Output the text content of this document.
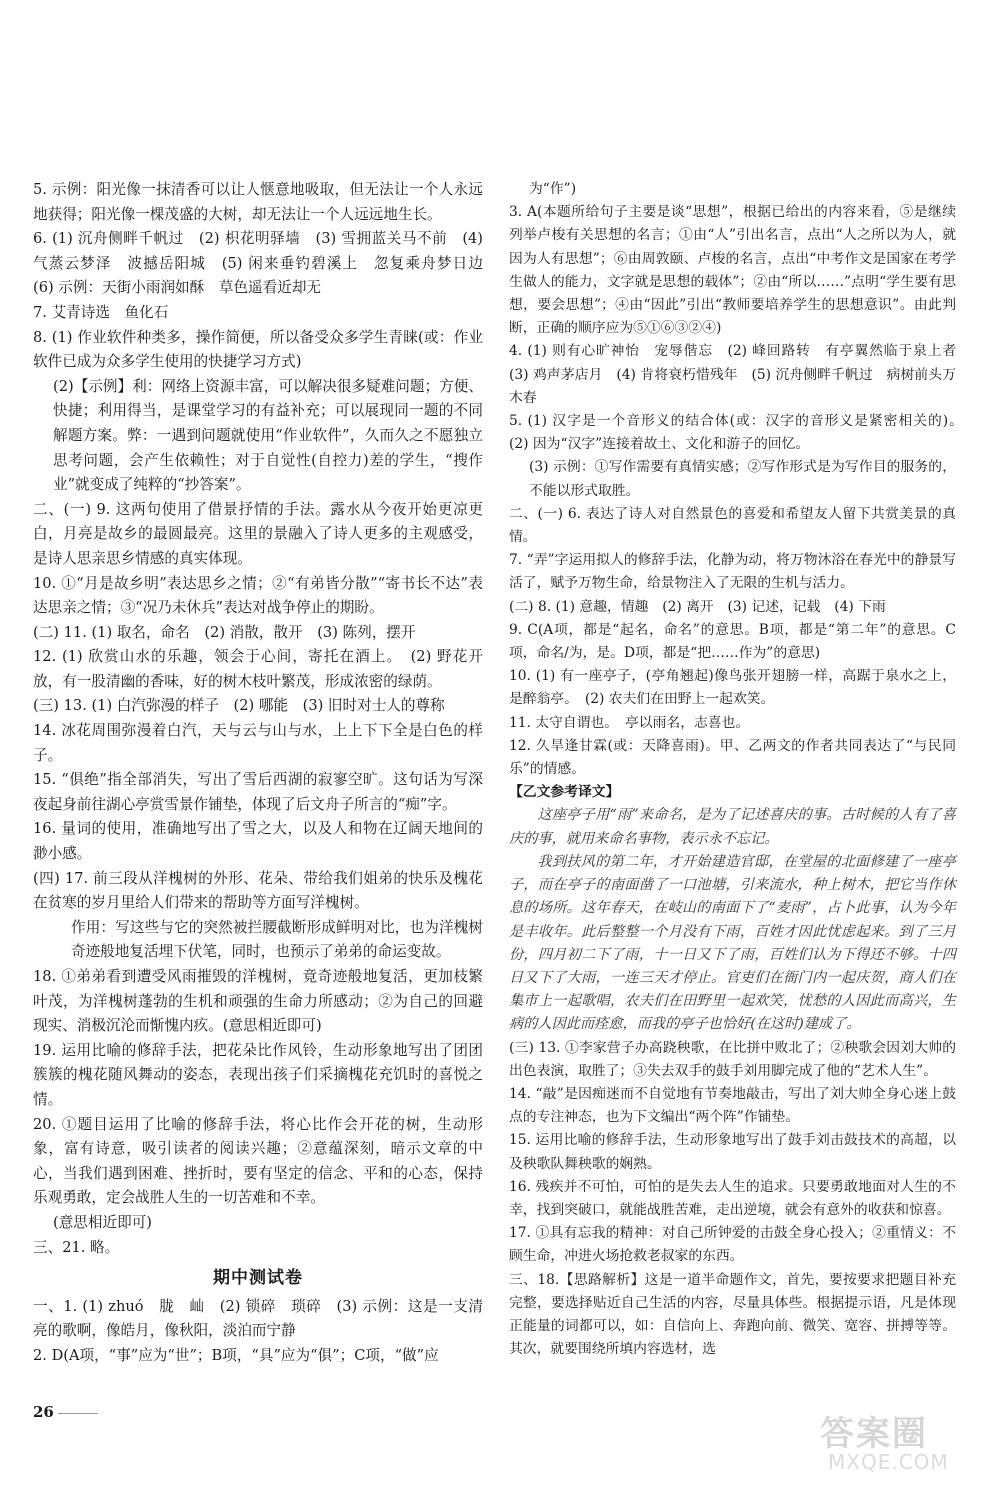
5. 示例：阳光像一抹清香可以让人惬意地吸取，但无法让一个人永远地获得；阳光像一棵茂盛的大树，却无法让一个人远远地生长。

6. (1) 沉舟侧畔千帆过　(2) 枳花明驿墙　(3) 雪拥蓝关马不前　(4) 气蒸云梦泽　波撼岳阳城　(5) 闲来垂钓碧溪上　忽复乘舟梦日边　(6) 示例：天街小雨润如酥　草色遥看近却无

7. 艾青诗选　鱼化石

8. (1) 作业软件种类多，操作简便，所以备受众多学生青睐(或：作业软件已成为众多学生使用的快捷学习方式)

(2)【示例】利：网络上资源丰富，可以解决很多疑难问题；方便、快捷；利用得当，是课堂学习的有益补充；可以展现同一题的不同解题方案。弊：一遇到问题就使用“作业软件”，久而久之不愿独立思考问题，会产生依赖性；对于自觉性(自控力)差的学生，“搜作业”就变成了纯粹的“抄答案”。

二、(一) 9. 这两句使用了借景抒情的手法。露水从今夜开始更凉更白，月亮是故乡的最圆最亮。这里的景融入了诗人更多的主观感受，是诗人思亲思乡情感的真实体现。

10. ①“月是故乡明”表达思乡之情；②“有弟皆分散”“寄书长不达”表达思亲之情；③“况乃未休兵”表达对战争停止的期盼。

(二) 11. (1) 取名，命名　(2) 消散，散开　(3) 陈列，摆开

12. (1) 欣赏山水的乐趣，领会于心间，寄托在酒上。　(2) 野花开放，有一股清幽的香味，好的树木枝叶繁茂，形成浓密的绿荫。

(三) 13. (1) 白汽弥漫的样子　(2) 哪能　(3) 旧时对士人的尊称

14. 冰花周围弥漫着白汽，天与云与山与水，上上下下全是白色的样子。

15. “俱绝”指全部消失，写出了雪后西湖的寂寥空旷。这句话为写深夜起身前往湖心亭赏雪景作铺垫，体现了后文舟子所言的“痴”字。

16. 量词的使用，准确地写出了雪之大，以及人和物在辽阔天地间的渺小感。

(四) 17. 前三段从洋槐树的外形、花朵、带给我们姐弟的快乐及槐花在贫寒的岁月里给人们带来的帮助等方面写洋槐树。

作用：写这些与它的突然被拦腰截断形成鲜明对比，也为洋槐树奇迹般地复活埋下伏笔，同时，也预示了弟弟的命运变故。

18. ①弟弟看到遭受风雨摧毁的洋槐树，竟奇迹般地复活，更加枝繁叶茂，为洋槐树蓬勃的生机和顽强的生命力所感动；②为自己的回避现实、消极沉沦而惭愧内疚。(意思相近即可)

19. 运用比喻的修辞手法，把花朵比作风铃，生动形象地写出了团团簇簇的槐花随风舞动的姿态，表现出孩子们采摘槐花充饥时的喜悦之情。

20. ①题目运用了比喻的修辞手法，将心比作会开花的树，生动形象，富有诗意，吸引读者的阅读兴趣；②意蕴深刻，暗示文章的中心，当我们遇到困难、挫折时，要有坚定的信念、平和的心态，保持乐观勇敢，定会战胜人生的一切苦难和不幸。

(意思相近即可)

三、21. 略。

期中测试卷

一、1. (1) zhuó　胧　屾　(2) 锁碎　琐碎　(3) 示例：这是一支清亮的歌啊，像皓月，像秋阳，淡泊而宁静

2. D(A项，“事”应为“世”；B项，“具”应为“俱”；C项，“做”应

为“作”)

3. A(本题所给句子主要是谈“思想”，根据已给出的内容来看，⑤是继续列举卢梭有关思想的名言；①由“人”引出名言，点出“人之所以为人，就因为人有思想”；⑥由周敦颐、卢梭的名言，点出“中考作文是国家在考学生做人的能力，文字就是思想的载体”；②由“所以……”点明“学生要有思想，要会思想”；④由“因此”引出“教师要培养学生的思想意识”。由此判断，正确的顺序应为⑤①⑥③②④)

4. (1) 则有心旷神怡　宠辱偕忘　(2) 峰回路转　有亭翼然临于泉上者　(3) 鸡声茅店月　(4) 肯将衰朽惜残年　(5) 沉舟侧畔千帆过　病树前头万木春

5. (1) 汉字是一个音形义的结合体(或：汉字的音形义是紧密相关的)。　(2) 因为“汉字”连接着故土、文化和游子的回忆。

(3) 示例：①写作需要有真情实感；②写作形式是为写作目的服务的，不能以形式取胜。

二、(一) 6. 表达了诗人对自然景色的喜爱和希望友人留下共赏美景的真情。

7. “弄”字运用拟人的修辞手法，化静为动，将万物沐浴在春光中的静景写活了，赋予万物生命，给景物注入了无限的生机与活力。

(二) 8. (1) 意趣，情趣　(2) 离开　(3) 记述，记载　(4) 下雨

9. C(A项，都是“起名，命名”的意思。B项，都是“第二年”的意思。C项，命名/为，是。D项，都是“把……作为”的意思)

10. (1) 有一座亭子，(亭角翘起)像鸟张开翅膀一样，高踞于泉水之上，是醉翁亭。　(2) 农夫们在田野上一起欢笑。

11. 太守自谓也。　亭以雨名，志喜也。

12. 久旱逢甘霖(或：天降喜雨)。甲、乙两文的作者共同表达了“与民同乐”的情感。

【乙文参考译文】

这座亭子用“雨”来命名，是为了记述喜庆的事。古时候的人有了喜庆的事，就用来命名事物，表示永不忘记。

我到扶风的第二年，才开始建造官邸，在堂屋的北面修建了一座亭子，而在亭子的南面凿了一口池塘，引来流水，种上树木，把它当作休息的场所。这年春天，在岐山的南面下了“麦雨”，占卜此事，认为今年是丰收年。此后整整一个月没有下雨，百姓才因此忧虑起来。到了三月份，四月初二下了雨，十一日又下了雨，百姓们认为下得还不够。十四日又下了大雨，一连三天才停止。官吏们在衙门内一起庆贺，商人们在集市上一起歌唱，农夫们在田野里一起欢笑，忧愁的人因此而高兴，生病的人因此而痊愈，而我的亭子也恰好(在这时)建成了。

(三) 13. ①李家营子办高跷秧歌，在比拼中败北了；②秧歌会因刘大帅的出色表演，取胜了；③失去双手的鼓手刘用脚完成了他的“艺术人生”。

14. “敲”是因痴迷而不自觉地有节奏地敲击，写出了刘大帅全身心迷上鼓点的专注神态，也为下文编出“两个阵”作铺垫。

15. 运用比喻的修辞手法，生动形象地写出了鼓手刘击鼓技术的高超，以及秧歌队舞秧歌的娴熟。

16. 残疾并不可怕，可怕的是失去人生的追求。只要勇敢地面对人生的不幸，找到突破口，就能战胜苦难，走出逆境，就会有意外的收获和惊喜。

17. ①具有忘我的精神：对自己所钟爱的击鼓全身心投入；②重情义：不顾生命，冲进火场抢救老叔家的东西。

三、18.【思路解析】这是一道半命题作文，首先，要按要求把题目补充完整，要选择贴近自己生活的内容，尽量具体些。根据提示语，凡是体现正能量的词都可以，如：自信向上、奔跑向前、微笑、宽容、拼搏等等。其次，就要围绕所填内容选材，选

26
答案圈
MXQE.COM
